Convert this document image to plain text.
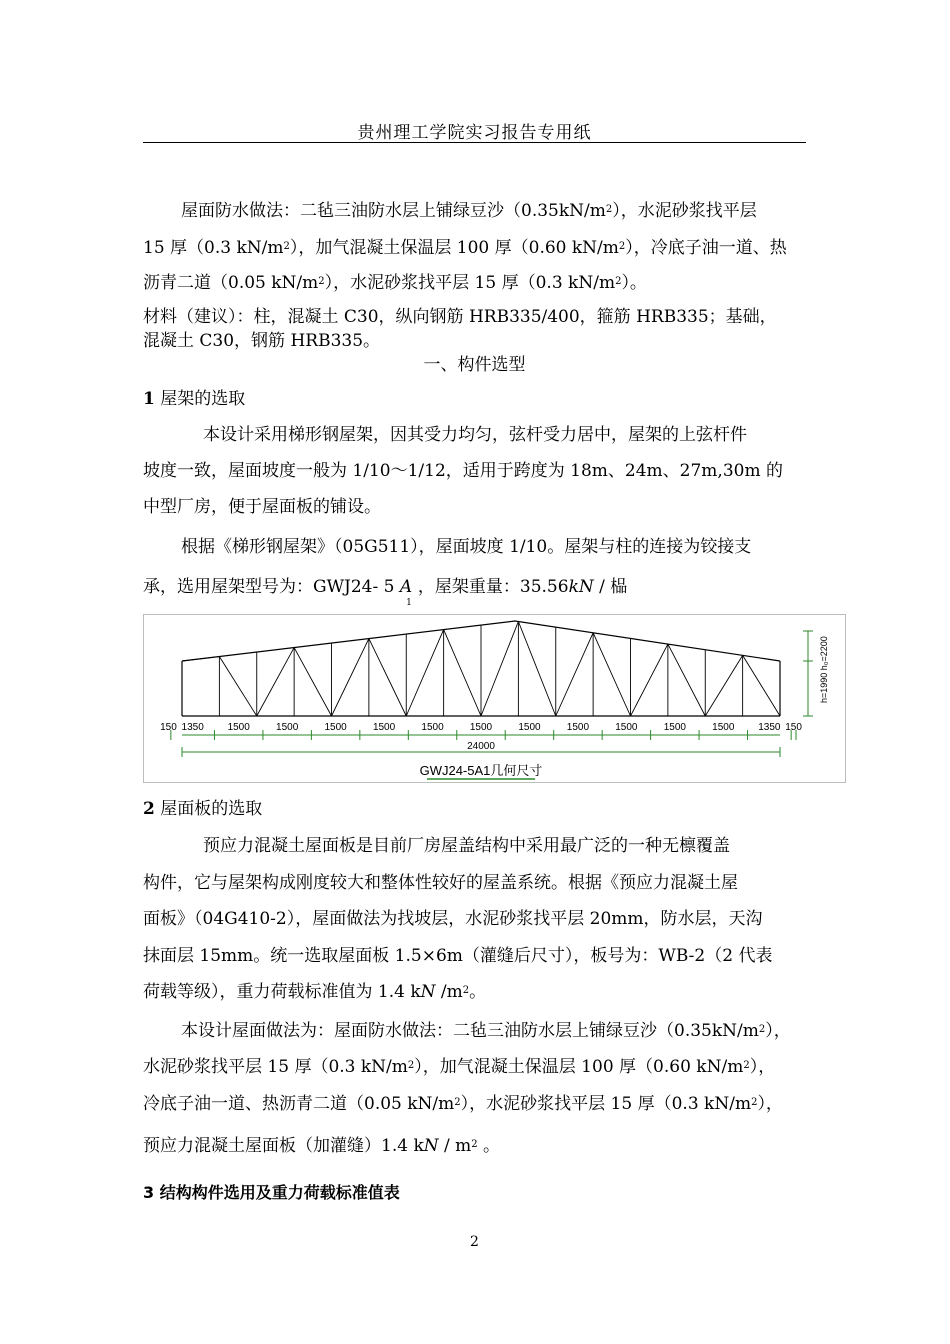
贵州理工学院实习报告专用纸
屋面防水做法：二毡三油防水层上铺绿豆沙$(0.35kN/m^2)$，水泥砂浆找平层
15 厚（0.3 $kN/m^2$），加气混凝土保温层 100 厚（0.60 $kN/m^2$），冷底子油一道、热
沥青二道（0.05 $kN/m^2$），水泥砂浆找平层 15 厚（0.3 $kN/m^2$）。
材料（建议）：柱，混凝土 C30，纵向钢筋 HRB335/400，箍筋 HRB335；基础，
混凝土 C30，钢筋 HRB335。
一、构件选型
1 屋架的选取
本设计采用梯形钢屋架，因其受力均匀，弦杆受力居中，屋架的上弦杆件
坡度一致，屋面坡度一般为 1/10～1/12，适用于跨度为 18m、24m、27m,30m 的
中型厂房，便于屋面板的铺设。
根据《梯形钢屋架》（05G511），屋面坡度 1/10。屋架与柱的连接为铰接支
承，选用屋架型号为：GWJ24- 5 $A_1$，屋架重量：35.56kN / 榀
h=1990 h₀=2200
150 1350 1500	1500	1500	1500	1500	1500	1500	1500	1500	1500	1500 1350 150
24000
GWJ24-5A1几何尺寸
2 屋面板的选取
预应力混凝土屋面板是目前厂房屋盖结构中采用最广泛的一种无檩覆盖
构件，它与屋架构成刚度较大和整体性较好的屋盖系统。根据《预应力混凝土屋
面板》（04G410-2），屋面做法为找坡层，水泥砂浆找平层 20mm，防水层，天沟
抹面层 15mm。统一选取屋面板 1.5×6m（灌缝后尺寸），板号为：WB-2（2 代表
荷载等级），重力荷载标准值为 1.4 kN $/m^2$。
本设计屋面做法为：屋面防水做法：二毡三油防水层上铺绿豆沙$(0.35kN/m^2)$，
水泥砂浆找平层 15 厚（0.3 $kN/m^2$），加气混凝土保温层 100 厚（0.60 $kN/m^2$），
冷底子油一道、热沥青二道（0.05 $kN/m^2$），水泥砂浆找平层 15 厚（0.3 $kN/m^2$），
预应力混凝土屋面板（加灌缝）1.4 kN / $m^2$ 。
3 结构构件选用及重力荷载标准值表
2
